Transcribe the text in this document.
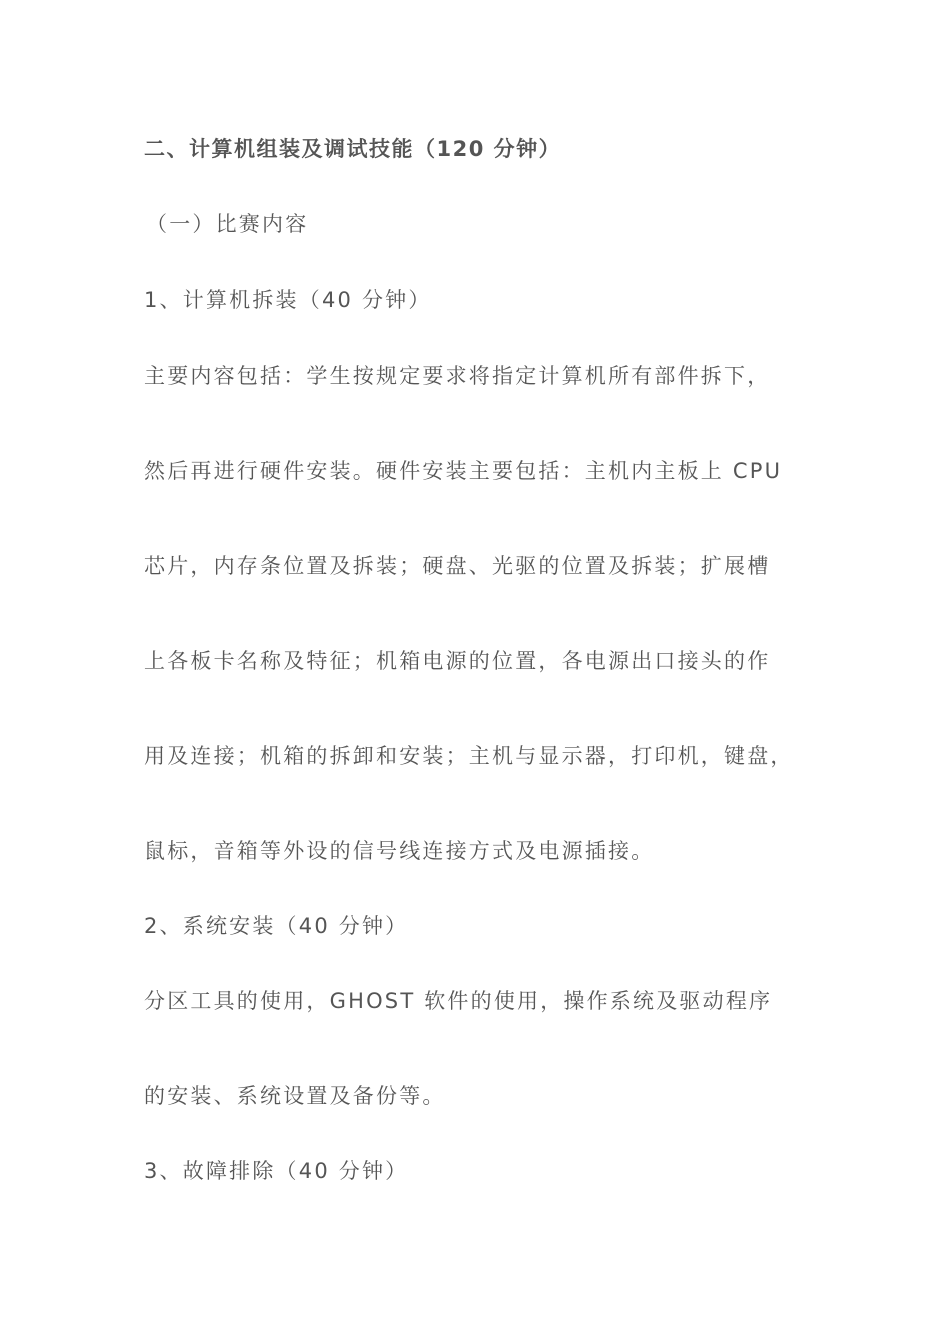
二、计算机组装及调试技能（120 分钟）
（一）比赛内容
1、计算机拆装（40 分钟）
主要内容包括：学生按规定要求将指定计算机所有部件拆下，
然后再进行硬件安装。硬件安装主要包括：主机内主板上 CPU
芯片，内存条位置及拆装；硬盘、光驱的位置及拆装；扩展槽
上各板卡名称及特征；机箱电源的位置，各电源出口接头的作
用及连接；机箱的拆卸和安装；主机与显示器，打印机，键盘，
鼠标，音箱等外设的信号线连接方式及电源插接。
2、系统安装（40 分钟）
分区工具的使用，GHOST 软件的使用，操作系统及驱动程序
的安装、系统设置及备份等。
3、故障排除（40 分钟）
